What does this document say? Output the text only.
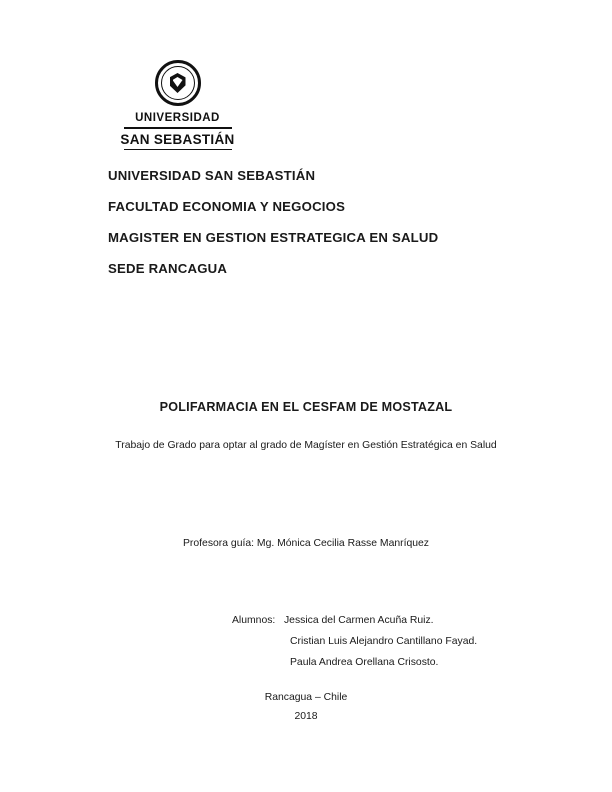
UNIVERSIDAD
SAN SEBASTIÁN
UNIVERSIDAD SAN SEBASTIÁN
FACULTAD ECONOMIA Y NEGOCIOS
MAGISTER EN GESTION ESTRATEGICA EN SALUD
SEDE RANCAGUA
POLIFARMACIA EN EL CESFAM DE MOSTAZAL
Trabajo de Grado para optar al grado de Magíster en Gestión Estratégica en Salud
Profesora guía: Mg. Mónica Cecilia Rasse Manríquez
Alumnos:   Jessica del Carmen Acuña Ruiz.
Cristian Luis Alejandro Cantillano Fayad.
Paula Andrea Orellana Crisosto.
Rancagua – Chile
2018
